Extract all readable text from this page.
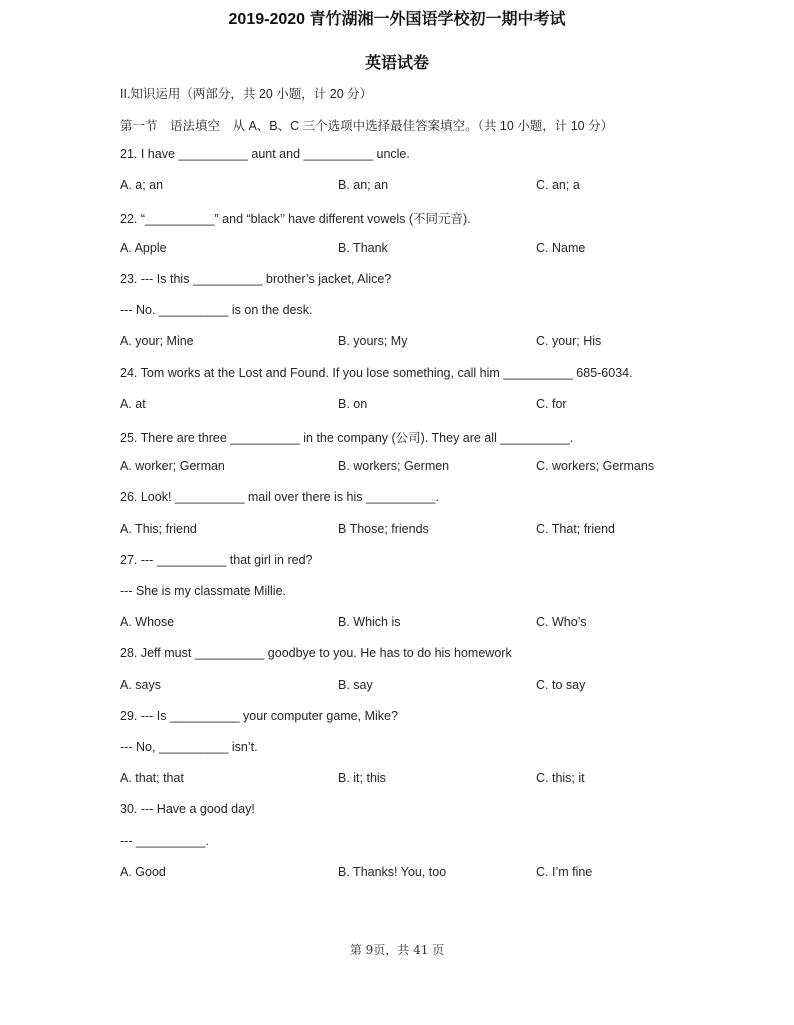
2019-2020 青竹湖湘一外国语学校初一期中考试
英语试卷
II.知识运用（两部分，共 20 小题，计 20 分）
第一节　语法填空　从 A、B、C 三个选项中选择最佳答案填空。（共 10 小题，计 10 分）
21. I have __________ aunt and __________ uncle.
A. a; an	B. an; an	C. an; a
22. “__________” and “black’’ have different vowels (不同元音).
A. Apple	B. Thank	C. Name
23. --- Is this __________ brother’s jacket, Alice?
--- No. __________ is on the desk.
A. your; Mine	B. yours; My	C. your; His
24. Tom works at the Lost and Found. If you lose something, call him __________ 685-6034.
A. at	B. on	C. for
25. There are three __________ in the company (公司). They are all __________.
A. worker; German	B. workers; Germen	C. workers; Germans
26. Look! __________ mail over there is his __________.
A. This; friend	B Those; friends	C. That; friend
27. --- __________ that girl in red?
--- She is my classmate Millie.
A. Whose	B. Which is	C. Who’s
28. Jeff must __________ goodbye to you. He has to do his homework
A. says	B. say	C. to say
29. --- Is __________ your computer game, Mike?
--- No, __________ isn’t.
A. that; that	B. it; this	C. this; it
30. --- Have a good day!
--- __________.
A. Good	B. Thanks! You, too	C. I’m fine
第 9页，共 41 页
